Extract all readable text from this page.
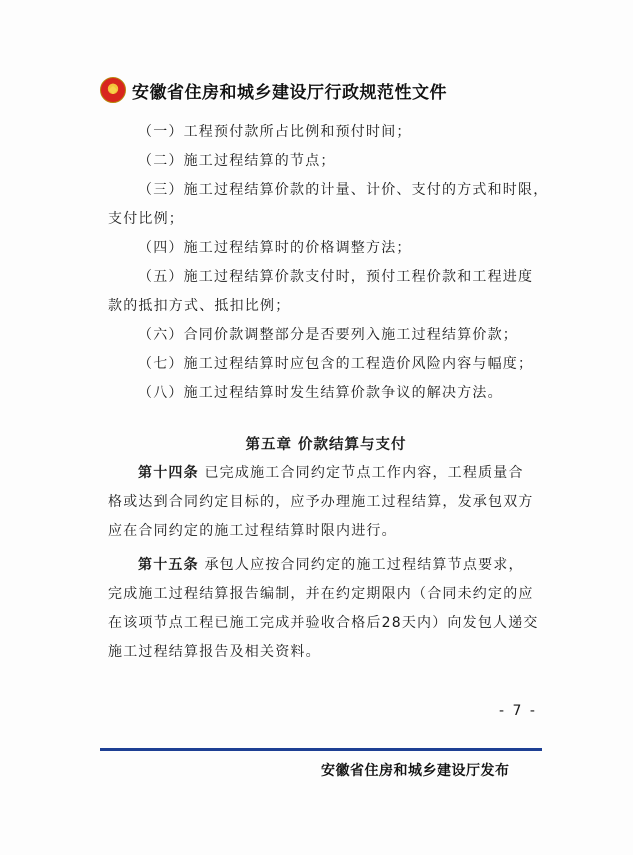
安徽省住房和城乡建设厅行政规范性文件
（一）工程预付款所占比例和预付时间；
（二）施工过程结算的节点；
（三）施工过程结算价款的计量、计价、支付的方式和时限，
支付比例；
（四）施工过程结算时的价格调整方法；
（五）施工过程结算价款支付时，预付工程价款和工程进度
款的抵扣方式、抵扣比例；
（六）合同价款调整部分是否要列入施工过程结算价款；
（七）施工过程结算时应包含的工程造价风险内容与幅度；
（八）施工过程结算时发生结算价款争议的解决方法。
第五章 价款结算与支付
第十四条 已完成施工合同约定节点工作内容，工程质量合
格或达到合同约定目标的，应予办理施工过程结算，发承包双方
应在合同约定的施工过程结算时限内进行。
第十五条 承包人应按合同约定的施工过程结算节点要求，
完成施工过程结算报告编制，并在约定期限内（合同未约定的应
在该项节点工程已施工完成并验收合格后28天内）向发包人递交
施工过程结算报告及相关资料。
- 7 -
安徽省住房和城乡建设厅发布
